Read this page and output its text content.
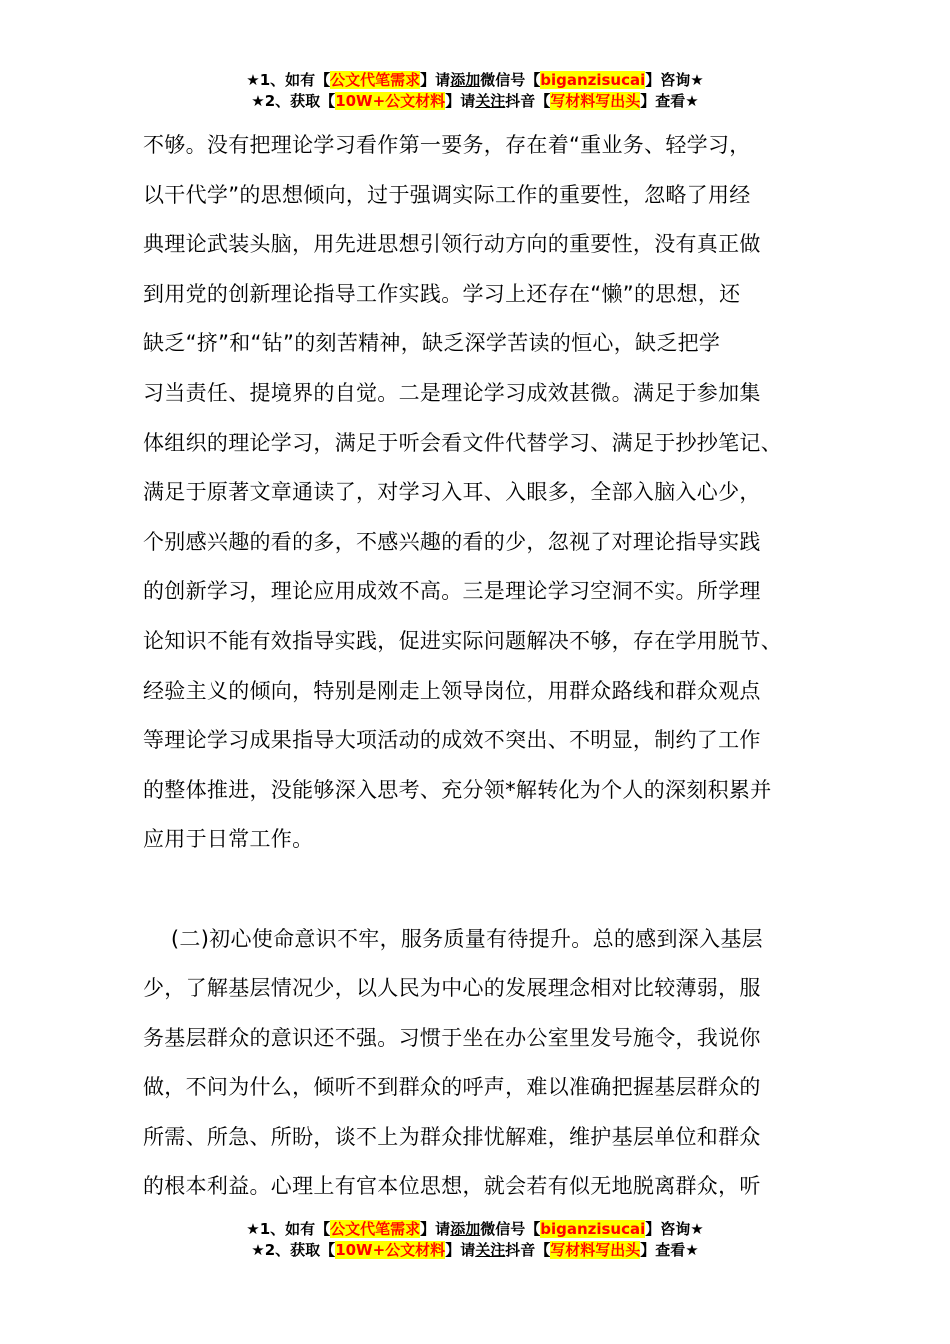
★1、如有【公文代笔需求】请添加微信号【biganzisucai】咨询★
★2、获取【10W+公文材料】请关注抖音【写材料写出头】查看★
不够。没有把理论学习看作第一要务，存在着“重业务、轻学习，
以干代学”的思想倾向，过于强调实际工作的重要性，忽略了用经
典理论武装头脑，用先进思想引领行动方向的重要性，没有真正做
到用党的创新理论指导工作实践。学习上还存在“懒”的思想，还
缺乏“挤”和“钻”的刻苦精神，缺乏深学苦读的恒心，缺乏把学
习当责任、提境界的自觉。二是理论学习成效甚微。满足于参加集
体组织的理论学习，满足于听会看文件代替学习、满足于抄抄笔记、
满足于原著文章通读了，对学习入耳、入眼多，全部入脑入心少，
个别感兴趣的看的多，不感兴趣的看的少，忽视了对理论指导实践
的创新学习，理论应用成效不高。三是理论学习空洞不实。所学理
论知识不能有效指导实践，促进实际问题解决不够，存在学用脱节、
经验主义的倾向，特别是刚走上领导岗位，用群众路线和群众观点
等理论学习成果指导大项活动的成效不突出、不明显，制约了工作
的整体推进，没能够深入思考、充分领*解转化为个人的深刻积累并
应用于日常工作。
(二)初心使命意识不牢，服务质量有待提升。总的感到深入基层
少，了解基层情况少，以人民为中心的发展理念相对比较薄弱，服
务基层群众的意识还不强。习惯于坐在办公室里发号施令，我说你
做，不问为什么，倾听不到群众的呼声，难以准确把握基层群众的
所需、所急、所盼，谈不上为群众排忧解难，维护基层单位和群众
的根本利益。心理上有官本位思想，就会若有似无地脱离群众，听
★1、如有【公文代笔需求】请添加微信号【biganzisucai】咨询★
★2、获取【10W+公文材料】请关注抖音【写材料写出头】查看★
